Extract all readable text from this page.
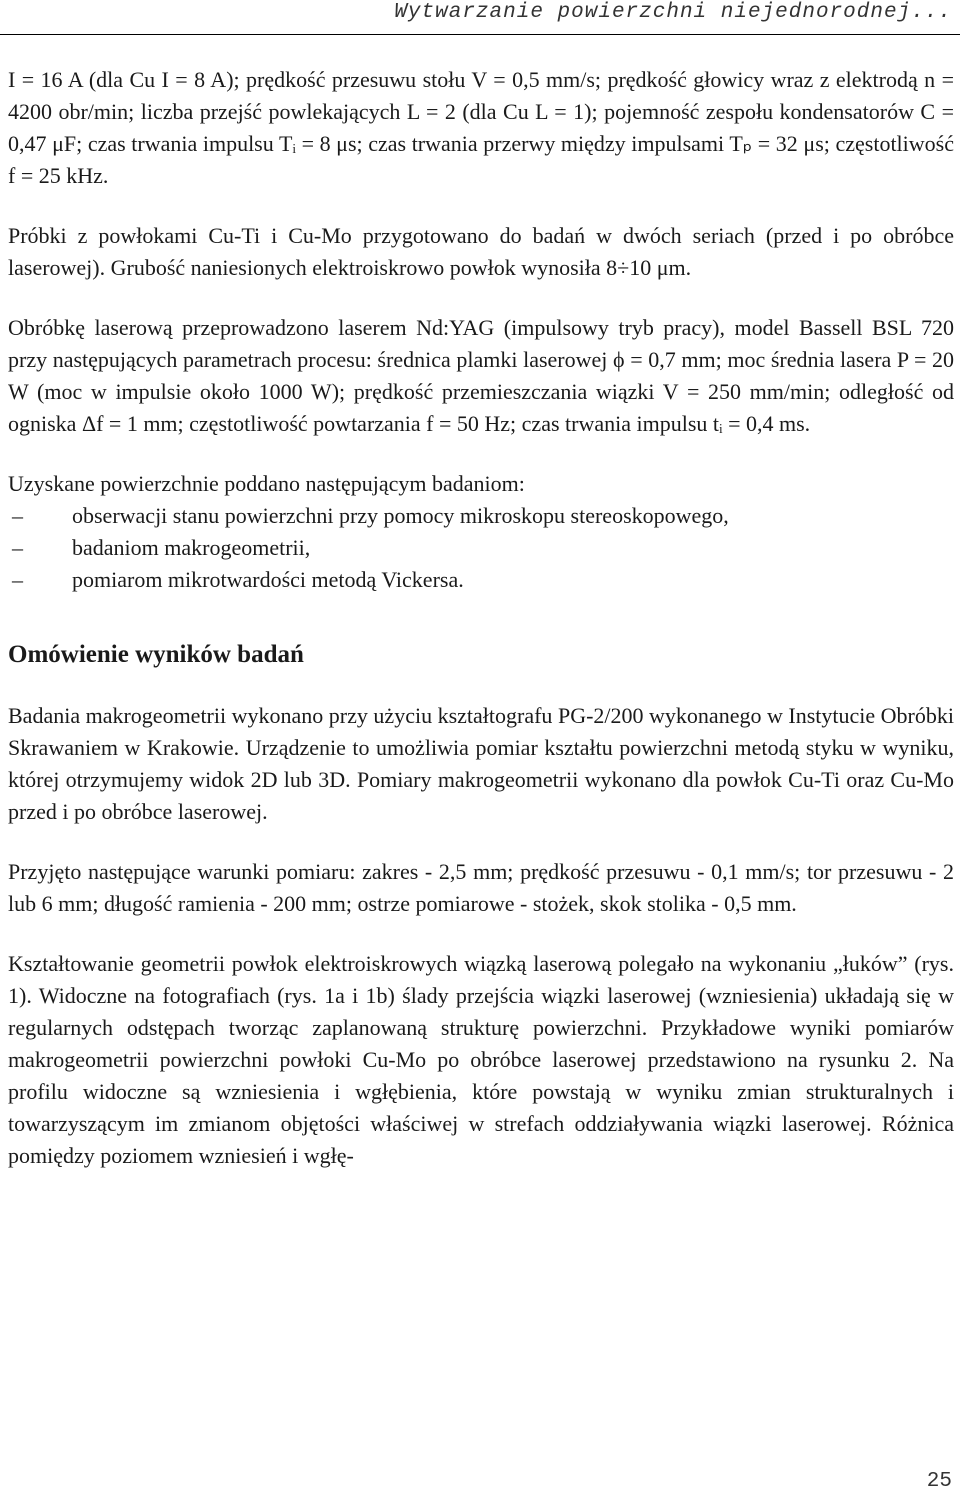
Wytwarzanie powierzchni niejednorodnej...

I = 16 A (dla Cu I = 8 A); prędkość przesuwu stołu V = 0,5 mm/s; prędkość głowicy wraz z elektrodą n = 4200 obr/min; liczba przejść powlekających L = 2 (dla Cu L = 1); pojemność zespołu kondensatorów C = 0,47 μF; czas trwania impulsu Tᵢ = 8 μs; czas trwania przerwy między impulsami Tₚ = 32 μs; częstotliwość f = 25 kHz.

Próbki z powłokami Cu-Ti i Cu-Mo przygotowano do badań w dwóch seriach (przed i po obróbce laserowej). Grubość naniesionych elektroiskrowo powłok wynosiła 8÷10 μm.

Obróbkę laserową przeprowadzono laserem Nd:YAG (impulsowy tryb pracy), model Bassell BSL 720 przy następujących parametrach procesu: średnica plamki laserowej ϕ = 0,7 mm; moc średnia lasera P = 20 W (moc w impulsie około 1000 W); prędkość przemieszczania wiązki V = 250 mm/min; odległość od ogniska Δf = 1 mm; częstotliwość powtarzania f = 50 Hz; czas trwania impulsu tᵢ = 0,4 ms.

Uzyskane powierzchnie poddano następującym badaniom:

– obserwacji stanu powierzchni przy pomocy mikroskopu stereoskopowego,
– badaniom makrogeometrii,
– pomiarom mikrotwardości metodą Vickersa.
Omówienie wyników badań

Badania makrogeometrii wykonano przy użyciu kształtografu PG-2/200 wykonanego w Instytucie Obróbki Skrawaniem w Krakowie. Urządzenie to umożliwia pomiar kształtu powierzchni metodą styku w wyniku, której otrzymujemy widok 2D lub 3D. Pomiary makrogeometrii wykonano dla powłok Cu-Ti oraz Cu-Mo przed i po obróbce laserowej.

Przyjęto następujące warunki pomiaru: zakres - 2,5 mm; prędkość przesuwu - 0,1 mm/s; tor przesuwu - 2 lub 6 mm; długość ramienia - 200 mm; ostrze pomiarowe - stożek, skok stolika - 0,5 mm.

Kształtowanie geometrii powłok elektroiskrowych wiązką laserową polegało na wykonaniu „łuków” (rys. 1). Widoczne na fotografiach (rys. 1a i 1b) ślady przejścia wiązki laserowej (wzniesienia) układają się w regularnych odstępach tworząc zaplanowaną strukturę powierzchni. Przykładowe wyniki pomiarów makrogeometrii powierzchni powłoki Cu-Mo po obróbce laserowej przedstawiono na rysunku 2. Na profilu widoczne są wzniesienia i wgłębienia, które powstają w wyniku zmian strukturalnych i towarzyszącym im zmianom objętości właściwej w strefach oddziaływania wiązki laserowej. Różnica pomiędzy poziomem wzniesień i wgłę-

25
